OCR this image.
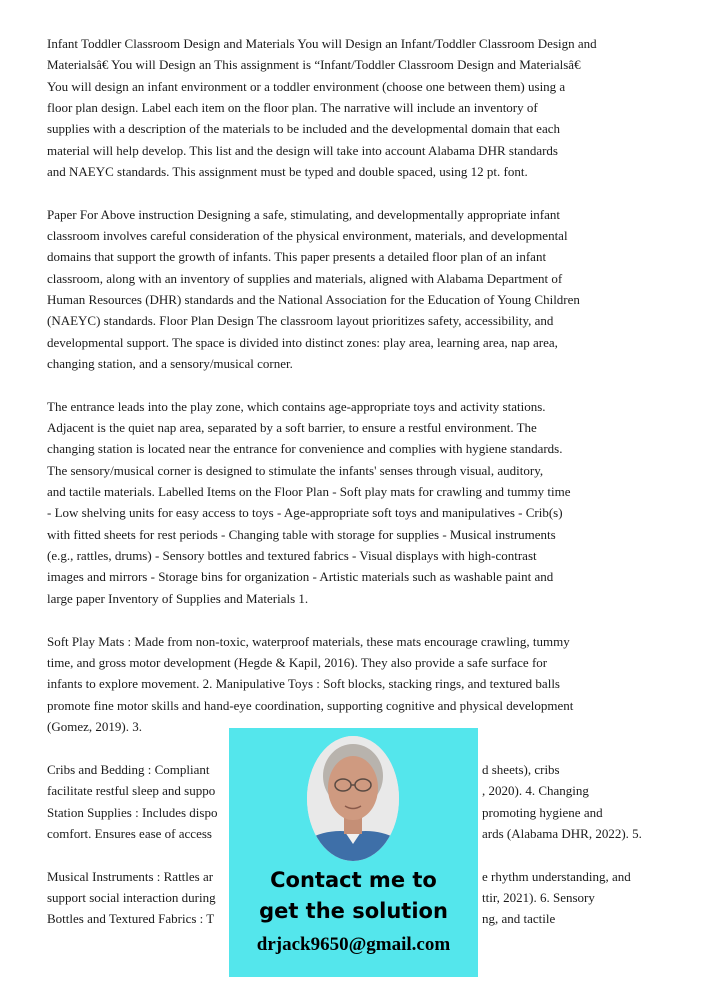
Infant Toddler Classroom Design and Materials You will Design an Infant/Toddler Classroom Design and
Materialsâ€ You will Design an This assignment is “Infant/Toddler Classroom Design and Materialsâ€
You will design an infant environment or a toddler environment (choose one between them) using a
floor plan design. Label each item on the floor plan. The narrative will include an inventory of
supplies with a description of the materials to be included and the developmental domain that each
material will help develop. This list and the design will take into account Alabama DHR standards
and NAEYC standards. This assignment must be typed and double spaced, using 12 pt. font.
Paper For Above instruction Designing a safe, stimulating, and developmentally appropriate infant
classroom involves careful consideration of the physical environment, materials, and developmental
domains that support the growth of infants. This paper presents a detailed floor plan of an infant
classroom, along with an inventory of supplies and materials, aligned with Alabama Department of
Human Resources (DHR) standards and the National Association for the Education of Young Children
(NAEYC) standards. Floor Plan Design The classroom layout prioritizes safety, accessibility, and
developmental support. The space is divided into distinct zones: play area, learning area, nap area,
changing station, and a sensory/musical corner.
The entrance leads into the play zone, which contains age-appropriate toys and activity stations.
Adjacent is the quiet nap area, separated by a soft barrier, to ensure a restful environment. The
changing station is located near the entrance for convenience and complies with hygiene standards.
The sensory/musical corner is designed to stimulate the infants' senses through visual, auditory,
and tactile materials. Labelled Items on the Floor Plan - Soft play mats for crawling and tummy time
- Low shelving units for easy access to toys - Age-appropriate soft toys and manipulatives - Crib(s)
with fitted sheets for rest periods - Changing table with storage for supplies - Musical instruments
(e.g., rattles, drums) - Sensory bottles and textured fabrics - Visual displays with high-contrast
images and mirrors - Storage bins for organization - Artistic materials such as washable paint and
large paper Inventory of Supplies and Materials 1.
Soft Play Mats : Made from non-toxic, waterproof materials, these mats encourage crawling, tummy
time, and gross motor development (Hegde & Kapil, 2016). They also provide a safe surface for
infants to explore movement. 2. Manipulative Toys : Soft blocks, stacking rings, and textured balls
promote fine motor skills and hand-eye coordination, supporting cognitive and physical development
(Gomez, 2019). 3.
Cribs and Bedding : Compliant
facilitate restful sleep and suppo
Station Supplies : Includes dispo
comfort. Ensures ease of access
Musical Instruments : Rattles ar
support social interaction during
Bottles and Textured Fabrics : T
d sheets), cribs
, 2020). 4. Changing
promoting hygiene and
ards (Alabama DHR, 2022). 5.
e rhythm understanding, and
ttir, 2021). 6. Sensory
ng, and tactile
Contact me to
get the solution
drjack9650@gmail.com
